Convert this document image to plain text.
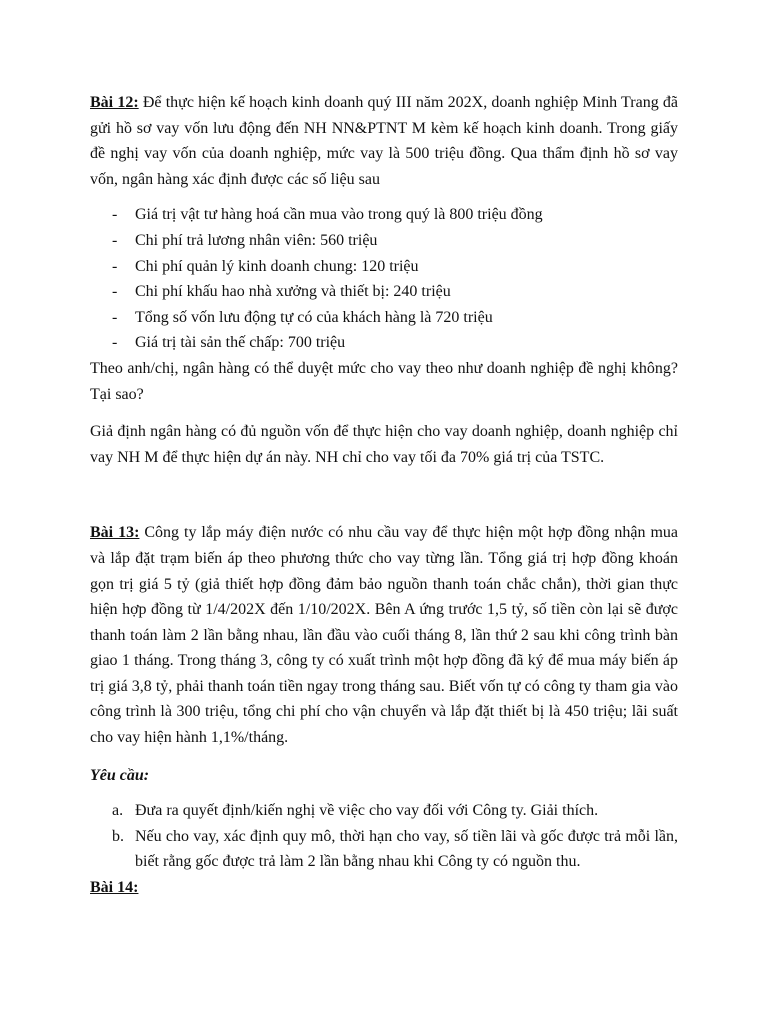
Bài 12: Để thực hiện kế hoạch kinh doanh quý III năm 202X, doanh nghiệp Minh Trang đã gửi hồ sơ vay vốn lưu động đến NH NN&PTNT M kèm kế hoạch kinh doanh. Trong giấy đề nghị vay vốn của doanh nghiệp, mức vay là 500 triệu đồng. Qua thẩm định hồ sơ vay vốn, ngân hàng xác định được các số liệu sau

- Giá trị vật tư hàng hoá cần mua vào trong quý là 800 triệu đồng
- Chi phí trả lương nhân viên: 560 triệu
- Chi phí quản lý kinh doanh chung: 120 triệu
- Chi phí khấu hao nhà xưởng và thiết bị: 240 triệu
- Tổng số vốn lưu động tự có của khách hàng là 720 triệu
- Giá trị tài sản thế chấp: 700 triệu

Theo anh/chị, ngân hàng có thể duyệt mức cho vay theo như doanh nghiệp đề nghị không? Tại sao?

Giả định ngân hàng có đủ nguồn vốn để thực hiện cho vay doanh nghiệp, doanh nghiệp chỉ vay NH M để thực hiện dự án này. NH chỉ cho vay tối đa 70% giá trị của TSTC.

Bài 13: Công ty lắp máy điện nước có nhu cầu vay để thực hiện một hợp đồng nhận mua và lắp đặt trạm biến áp theo phương thức cho vay từng lần. Tổng giá trị hợp đồng khoán gọn trị giá 5 tỷ (giả thiết hợp đồng đảm bảo nguồn thanh toán chắc chắn), thời gian thực hiện hợp đồng từ 1/4/202X đến 1/10/202X. Bên A ứng trước 1,5 tỷ, số tiền còn lại sẽ được thanh toán làm 2 lần bằng nhau, lần đầu vào cuối tháng 8, lần thứ 2 sau khi công trình bàn giao 1 tháng. Trong tháng 3, công ty có xuất trình một hợp đồng đã ký để mua máy biến áp trị giá 3,8 tỷ, phải thanh toán tiền ngay trong tháng sau. Biết vốn tự có công ty tham gia vào công trình là 300 triệu, tổng chi phí cho vận chuyển và lắp đặt thiết bị là 450 triệu; lãi suất cho vay hiện hành 1,1%/tháng.

Yêu cầu:

a. Đưa ra quyết định/kiến nghị về việc cho vay đối với Công ty. Giải thích.
b. Nếu cho vay, xác định quy mô, thời hạn cho vay, số tiền lãi và gốc được trả mỗi lần, biết rằng gốc được trả làm 2 lần bằng nhau khi Công ty có nguồn thu.

Bài 14:
